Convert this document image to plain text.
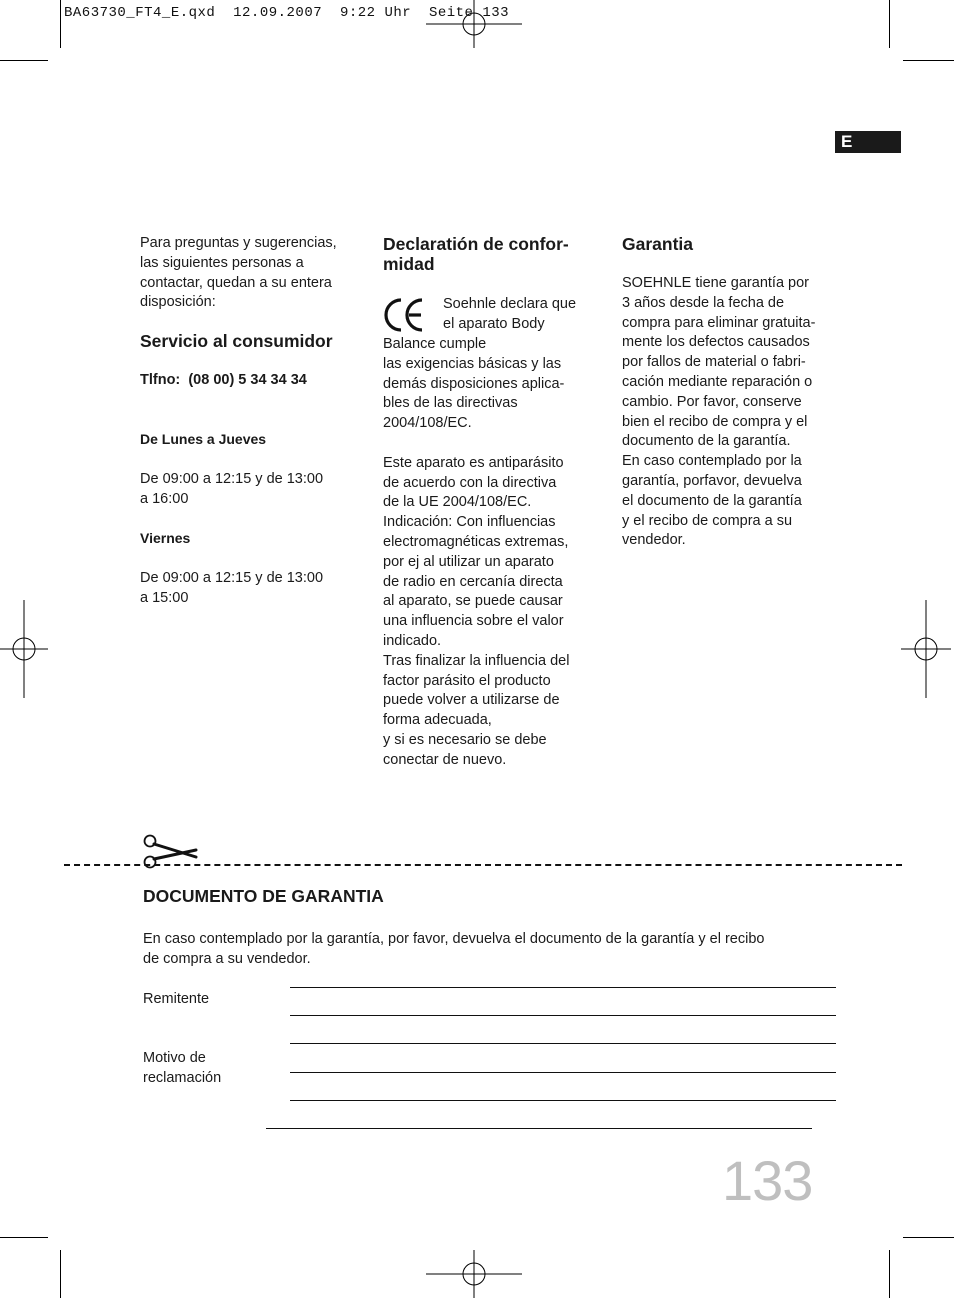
BA63730_FT4_E.qxd  12.09.2007  9:22 Uhr  Seite 133
E

Para preguntas y sugerencias,
las siguientes personas a
contactar, quedan a su entera
disposición:

Servicio al consumidor

Tlfno: (08 00) 5 34 34 34

De Lunes a Jueves

De 09:00 a 12:15 y de 13:00
a 16:00

Viernes

De 09:00 a 12:15 y de 13:00
a 15:00

Declaratión de confor-
midad

Soehnle declara que
el aparato Body

Balance cumple
las exigencias básicas y las
demás disposiciones aplica-
bles de las directivas
2004/108/EC.

Este aparato es antiparásito
de acuerdo con la directiva
de la UE 2004/108/EC.
Indicación: Con influencias
electromagnéticas extremas,
por ej al utilizar un aparato
de radio en cercanía directa
al aparato, se puede causar
una influencia sobre el valor
indicado.
Tras finalizar la influencia del
factor parásito el producto
puede volver a utilizarse de
forma adecuada,
y si es necesario se debe
conectar de nuevo.

Garantia

SOEHNLE tiene garantía por
3 años desde la fecha de
compra para eliminar gratuita-
mente los defectos causados
por fallos de material o fabri-
cación mediante reparación o
cambio. Por favor, conserve
bien el recibo de compra y el
documento de la garantía.
En caso contemplado por la
garantía, porfavor, devuelva
el documento de la garantía
y el recibo de compra a su
vendedor.

DOCUMENTO DE GARANTIA
En caso contemplado por la garantía, por favor, devuelva el documento de la garantía y el recibo
de compra a su vendedor.
Remitente
Motivo de
reclamación
133
